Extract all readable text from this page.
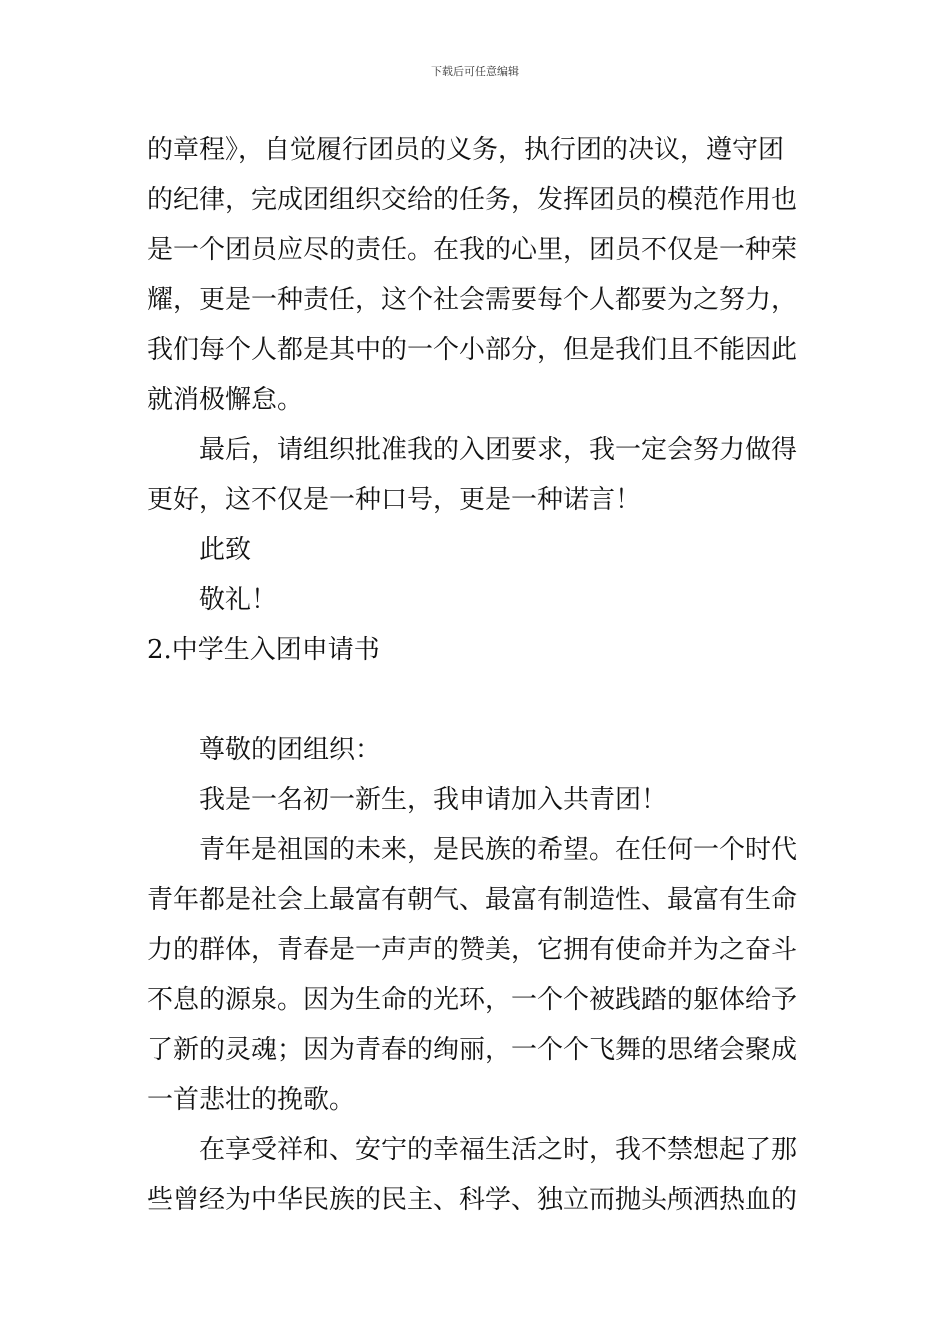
下载后可任意编辑
的章程》，自觉履行团员的义务，执行团的决议，遵守团
的纪律，完成团组织交给的任务，发挥团员的模范作用也
是一个团员应尽的责任。在我的心里，团员不仅是一种荣
耀，更是一种责任，这个社会需要每个人都要为之努力，
我们每个人都是其中的一个小部分，但是我们且不能因此
就消极懈怠。
最后，请组织批准我的入团要求，我一定会努力做得
更好，这不仅是一种口号，更是一种诺言！
此致
敬礼！
2.中学生入团申请书
尊敬的团组织：
我是一名初一新生，我申请加入共青团！
青年是祖国的未来，是民族的希望。在任何一个时代
青年都是社会上最富有朝气、最富有制造性、最富有生命
力的群体，青春是一声声的赞美，它拥有使命并为之奋斗
不息的源泉。因为生命的光环，一个个被践踏的躯体给予
了新的灵魂；因为青春的绚丽，一个个飞舞的思绪会聚成
一首悲壮的挽歌。
在享受祥和、安宁的幸福生活之时，我不禁想起了那
些曾经为中华民族的民主、科学、独立而抛头颅洒热血的
